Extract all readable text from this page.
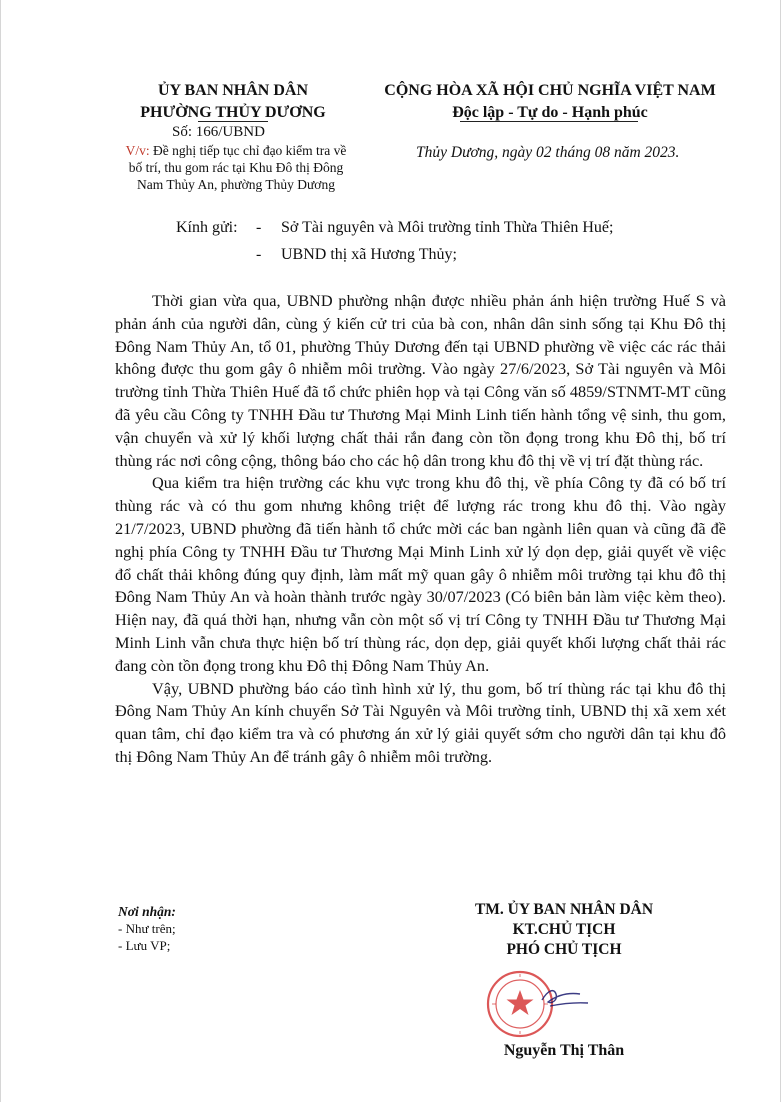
ỦY BAN NHÂN DÂN
PHƯỜNG THỦY DƯƠNG
Số: 166/UBND
V/v: Đề nghị tiếp tục chỉ đạo kiểm tra về
bố trí, thu gom rác tại Khu Đô thị Đông
Nam Thủy An, phường Thủy Dương
CỘNG HÒA XÃ HỘI CHỦ NGHĨA VIỆT NAM
Độc lập - Tự do - Hạnh phúc
Thủy Dương, ngày 02 tháng 08 năm 2023.
Kính gửi:	-	Sở Tài nguyên và Môi trường tỉnh Thừa Thiên Huế;
	-	UBND thị xã Hương Thủy;

Thời gian vừa qua, UBND phường nhận được nhiều phản ánh hiện trường Huế S và phản ánh của người dân, cùng ý kiến cử tri của bà con, nhân dân sinh sống tại Khu Đô thị Đông Nam Thủy An, tổ 01, phường Thủy Dương đến tại UBND phường về việc các rác thải không được thu gom gây ô nhiễm môi trường. Vào ngày 27/6/2023, Sở Tài nguyên và Môi trường tỉnh Thừa Thiên Huế đã tổ chức phiên họp và tại Công văn số 4859/STNMT-MT cũng đã yêu cầu Công ty TNHH Đầu tư Thương Mại Minh Linh tiến hành tổng vệ sinh, thu gom, vận chuyển và xử lý khối lượng chất thải rắn đang còn tồn đọng trong khu Đô thị, bố trí thùng rác nơi công cộng, thông báo cho các hộ dân trong khu đô thị về vị trí đặt thùng rác.

Qua kiểm tra hiện trường các khu vực trong khu đô thị, về phía Công ty đã có bố trí thùng rác và có thu gom nhưng không triệt để lượng rác trong khu đô thị. Vào ngày 21/7/2023, UBND phường đã tiến hành tổ chức mời các ban ngành liên quan và cũng đã đề nghị phía Công ty TNHH Đầu tư Thương Mại Minh Linh xử lý dọn dẹp, giải quyết về việc đổ chất thải không đúng quy định, làm mất mỹ quan gây ô nhiễm môi trường tại khu đô thị Đông Nam Thủy An và hoàn thành trước ngày 30/07/2023 (Có biên bản làm việc kèm theo). Hiện nay, đã quá thời hạn, nhưng vẫn còn một số vị trí Công ty TNHH Đầu tư Thương Mại Minh Linh vẫn chưa thực hiện bố trí thùng rác, dọn dẹp, giải quyết khối lượng chất thải rác đang còn tồn đọng trong khu Đô thị Đông Nam Thủy An.

Vậy, UBND phường báo cáo tình hình xử lý, thu gom, bố trí thùng rác tại khu đô thị Đông Nam Thủy An kính chuyển Sở Tài Nguyên và Môi trường tỉnh, UBND thị xã xem xét quan tâm, chỉ đạo kiểm tra và có phương án xử lý giải quyết sớm cho người dân tại khu đô thị Đông Nam Thủy An để tránh gây ô nhiễm môi trường.

Nơi nhận:
- Như trên;
- Lưu VP;
TM. ỦY BAN NHÂN DÂN
KT.CHỦ TỊCH
PHÓ CHỦ TỊCH
Nguyễn Thị Thân
